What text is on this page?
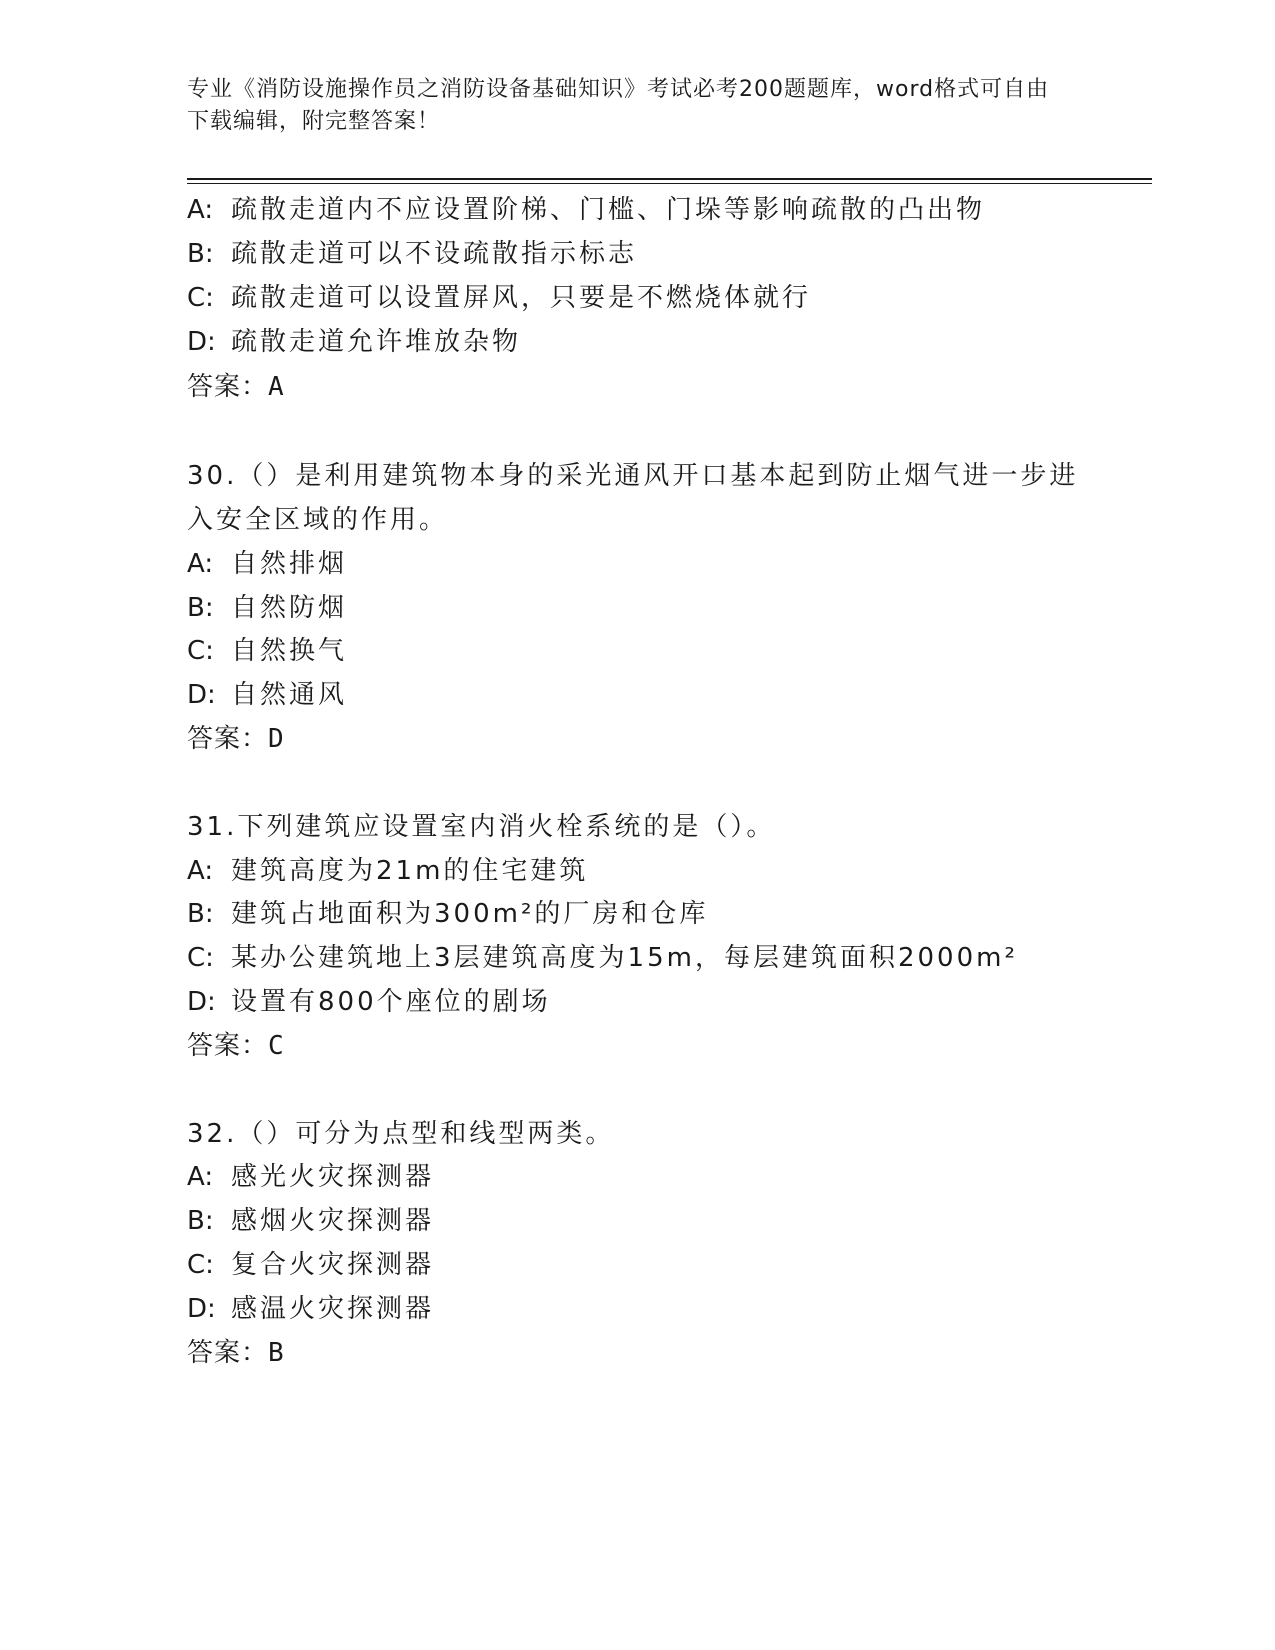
专业《消防设施操作员之消防设备基础知识》考试必考200题题库，word格式可自由下载编辑，附完整答案！
A: 疏散走道内不应设置阶梯、门槛、门垛等影响疏散的凸出物
B: 疏散走道可以不设疏散指示标志
C: 疏散走道可以设置屏风，只要是不燃烧体就行
D: 疏散走道允许堆放杂物
答案：A
30.（）是利用建筑物本身的采光通风开口基本起到防止烟气进一步进
入安全区域的作用。
A: 自然排烟
B: 自然防烟
C: 自然换气
D: 自然通风
答案：D
31.下列建筑应设置室内消火栓系统的是（）。
A: 建筑高度为21m的住宅建筑
B: 建筑占地面积为300m²的厂房和仓库
C: 某办公建筑地上3层建筑高度为15m，每层建筑面积2000m²
D: 设置有800个座位的剧场
答案：C
32.（）可分为点型和线型两类。
A: 感光火灾探测器
B: 感烟火灾探测器
C: 复合火灾探测器
D: 感温火灾探测器
答案：B
